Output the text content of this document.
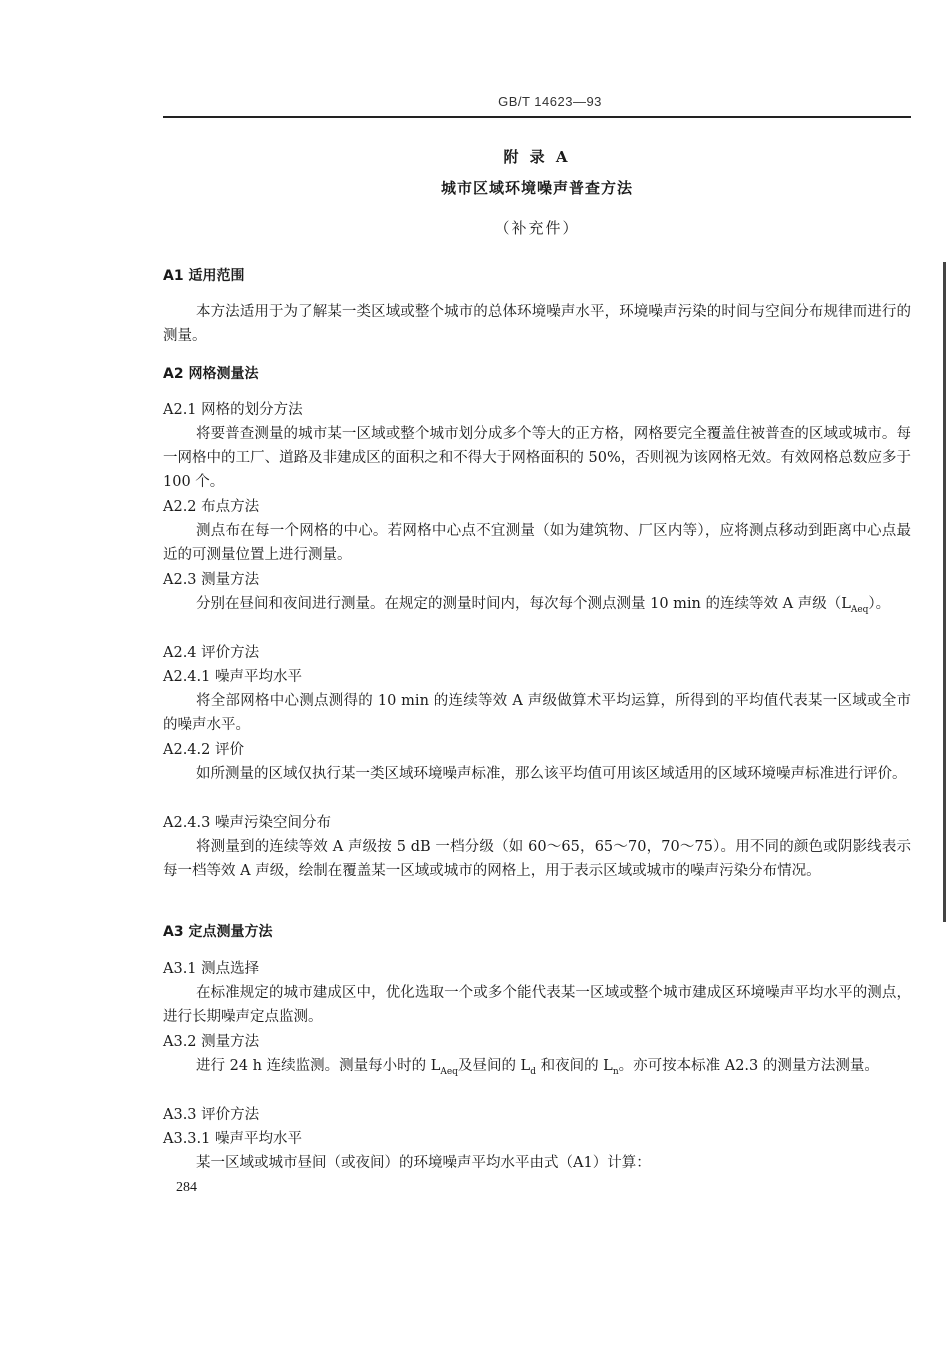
GB/T 14623—93
附 录 A
城市区域环境噪声普查方法
（补充件）
A1 适用范围
本方法适用于为了解某一类区域或整个城市的总体环境噪声水平，环境噪声污染的时间与空间分布规律而进行的测量。
A2 网格测量法
A2.1 网格的划分方法
将要普查测量的城市某一区域或整个城市划分成多个等大的正方格，网格要完全覆盖住被普查的区域或城市。每一网格中的工厂、道路及非建成区的面积之和不得大于网格面积的 50%，否则视为该网格无效。有效网格总数应多于 100 个。
A2.2 布点方法
测点布在每一个网格的中心。若网格中心点不宜测量（如为建筑物、厂区内等），应将测点移动到距离中心点最近的可测量位置上进行测量。
A2.3 测量方法
分别在昼间和夜间进行测量。在规定的测量时间内，每次每个测点测量 10 min 的连续等效 A 声级$(L_{Aeq})$。
A2.4 评价方法
A2.4.1 噪声平均水平
将全部网格中心测点测得的 10 min 的连续等效 A 声级做算术平均运算，所得到的平均值代表某一区域或全市的噪声水平。
A2.4.2 评价
如所测量的区域仅执行某一类区域环境噪声标准，那么该平均值可用该区域适用的区域环境噪声标准进行评价。
A2.4.3 噪声污染空间分布
将测量到的连续等效 A 声级按 5 dB 一档分级（如 60～65，65～70，70～75）。用不同的颜色或阴影线表示每一档等效 A 声级，绘制在覆盖某一区域或城市的网格上，用于表示区域或城市的噪声污染分布情况。
A3 定点测量方法
A3.1 测点选择
在标准规定的城市建成区中，优化选取一个或多个能代表某一区域或整个城市建成区环境噪声平均水平的测点，进行长期噪声定点监测。
A3.2 测量方法
进行 24 h 连续监测。测量每小时的 $L_{Aeq}$及昼间的 $L_d$ 和夜间的 $L_n$。亦可按本标准 A2.3 的测量方法测量。
A3.3 评价方法
A3.3.1 噪声平均水平
某一区域或城市昼间（或夜间）的环境噪声平均水平由式（A1）计算：
284
